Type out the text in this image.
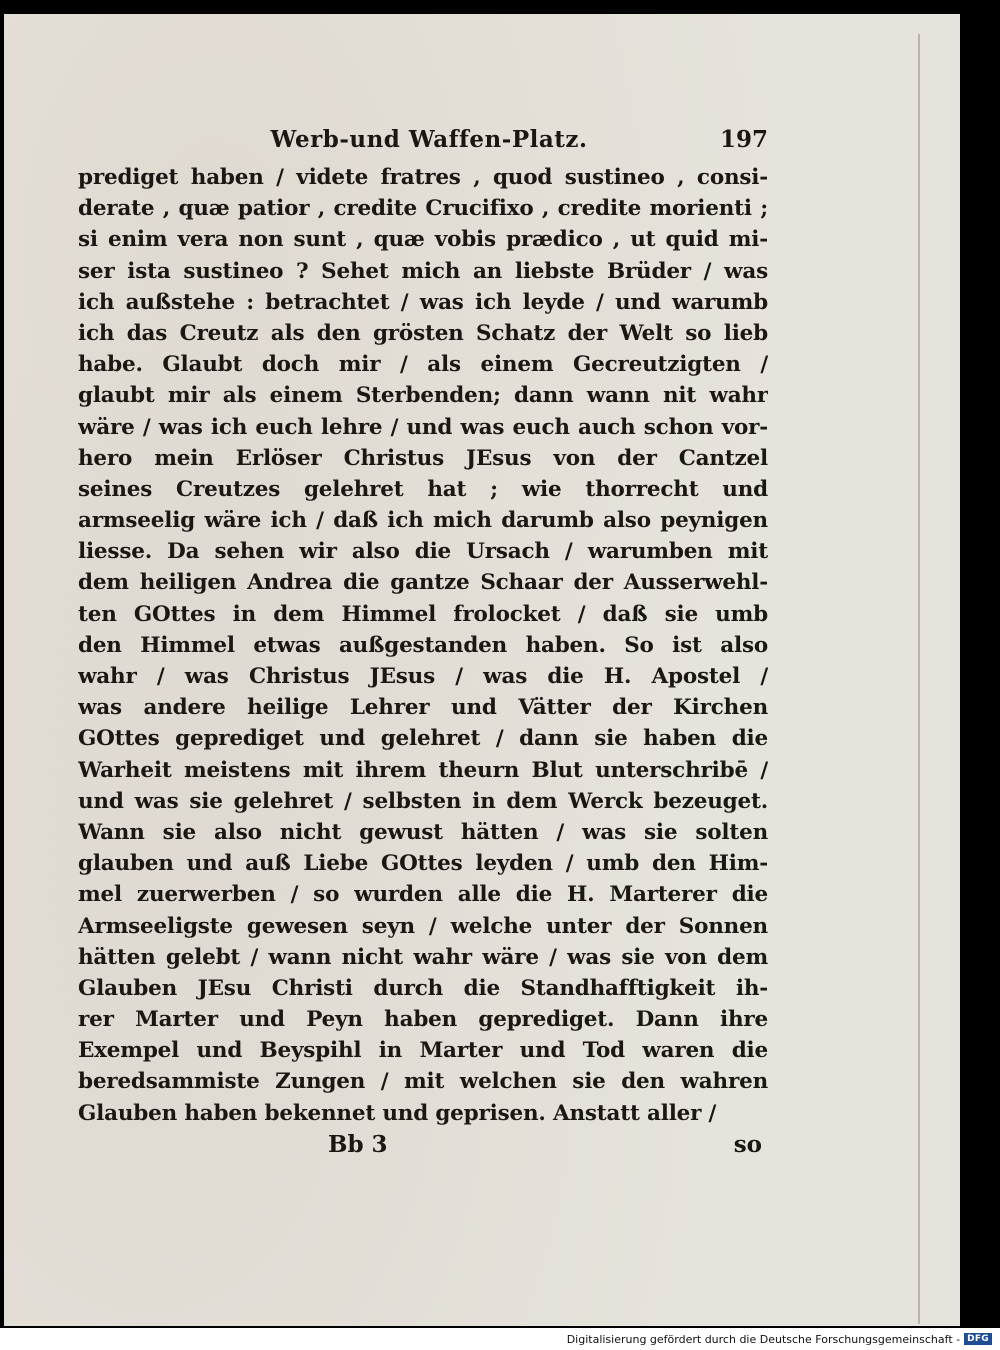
Werb-und Waffen-Platz.	197
prediget haben / videte fratres , quod sustineo , consi-
derate , quæ patior , credite Crucifixo , credite morienti ;
si enim vera non sunt , quæ vobis prædico , ut quid mi-
ser ista sustineo ? Sehet mich an liebste Brüder / was
ich außstehe : betrachtet / was ich leyde / und warumb
ich das Creutz als den grösten Schatz der Welt so lieb
habe. Glaubt doch mir / als einem Gecreutzigten /
glaubt mir als einem Sterbenden; dann wann nit wahr
wäre / was ich euch lehre / und was euch auch schon vor-
hero mein Erlöser Christus JEsus von der Cantzel
seines Creutzes gelehret hat ; wie thorrecht und
armseelig wäre ich / daß ich mich darumb also peynigen
liesse. Da sehen wir also die Ursach / warumben mit
dem heiligen Andrea die gantze Schaar der Ausserwehl-
ten GOttes in dem Himmel frolocket / daß sie umb
den Himmel etwas außgestanden haben. So ist also
wahr / was Christus JEsus / was die H. Apostel /
was andere heilige Lehrer und Vätter der Kirchen
GOttes geprediget und gelehret / dann sie haben die
Warheit meistens mit ihrem theurn Blut unterschribē /
und was sie gelehret / selbsten in dem Werck bezeuget.
Wann sie also nicht gewust hätten / was sie solten
glauben und auß Liebe GOttes leyden / umb den Him-
mel zuerwerben / so wurden alle die H. Marterer die
Armseeligste gewesen seyn / welche unter der Sonnen
hätten gelebt / wann nicht wahr wäre / was sie von dem
Glauben JEsu Christi durch die Standhafftigkeit ih-
rer Marter und Peyn haben geprediget. Dann ihre
Exempel und Beyspihl in Marter und Tod waren die
beredsammiste Zungen / mit welchen sie den wahren
Glauben haben bekennet und geprisen. Anstatt aller /
Bb 3	so
Digitalisierung gefördert durch die Deutsche Forschungsgemeinschaft - DFG
